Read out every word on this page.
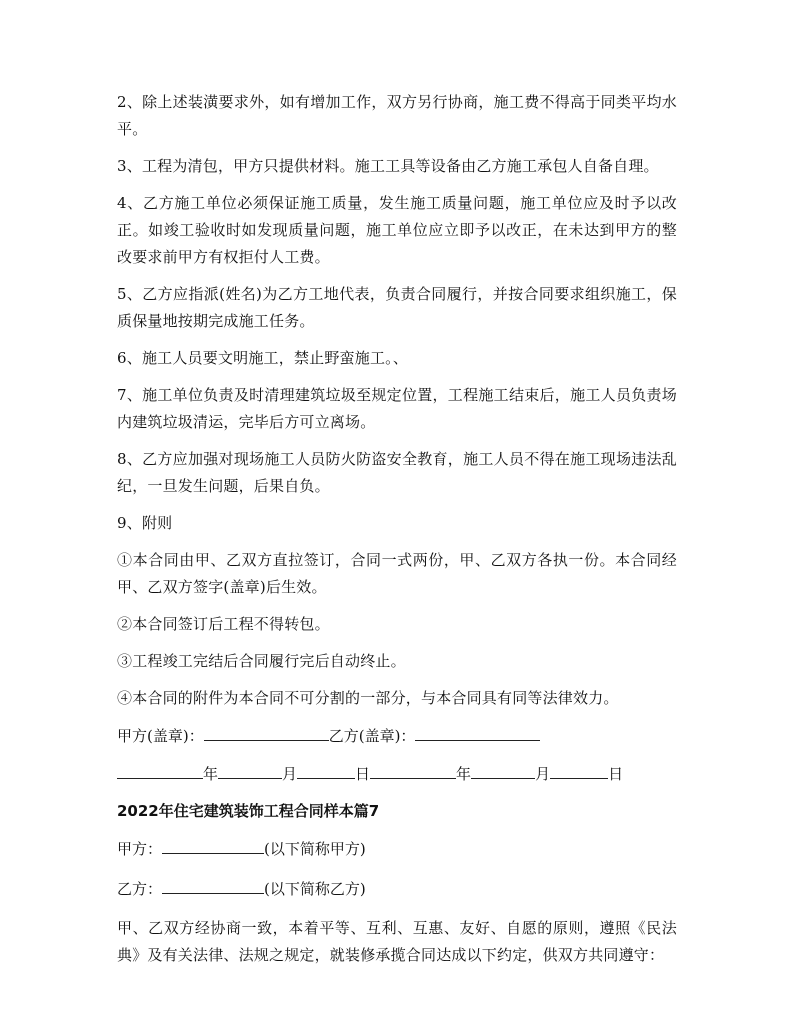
2、除上述装潢要求外，如有增加工作，双方另行协商，施工费不得高于同类平均水平。

3、工程为清包，甲方只提供材料。施工工具等设备由乙方施工承包人自备自理。

4、乙方施工单位必须保证施工质量，发生施工质量问题，施工单位应及时予以改正。如竣工验收时如发现质量问题，施工单位应立即予以改正，在未达到甲方的整改要求前甲方有权拒付人工费。

5、乙方应指派(姓名)为乙方工地代表，负责合同履行，并按合同要求组织施工，保质保量地按期完成施工任务。

6、施工人员要文明施工，禁止野蛮施工。、

7、施工单位负责及时清理建筑垃圾至规定位置，工程施工结束后，施工人员负责场内建筑垃圾清运，完毕后方可立离场。

8、乙方应加强对现场施工人员防火防盗安全教育，施工人员不得在施工现场违法乱纪，一旦发生问题，后果自负。

9、附则

①本合同由甲、乙双方直拉签订，合同一式两份，甲、乙双方各执一份。本合同经甲、乙双方签字(盖章)后生效。

②本合同签订后工程不得转包。

③工程竣工完结后合同履行完后自动终止。

④本合同的附件为本合同不可分割的一部分，与本合同具有同等法律效力。

甲方(盖章)：	乙方(盖章)：
年	月	日	年	月	日
2022年住宅建筑装饰工程合同样本篇7
甲方：	(以下简称甲方)
乙方：	(以下简称乙方)

甲、乙双方经协商一致，本着平等、互利、互惠、友好、自愿的原则，遵照《民法典》及有关法律、法规之规定，就装修承揽合同达成以下约定，供双方共同遵守：
